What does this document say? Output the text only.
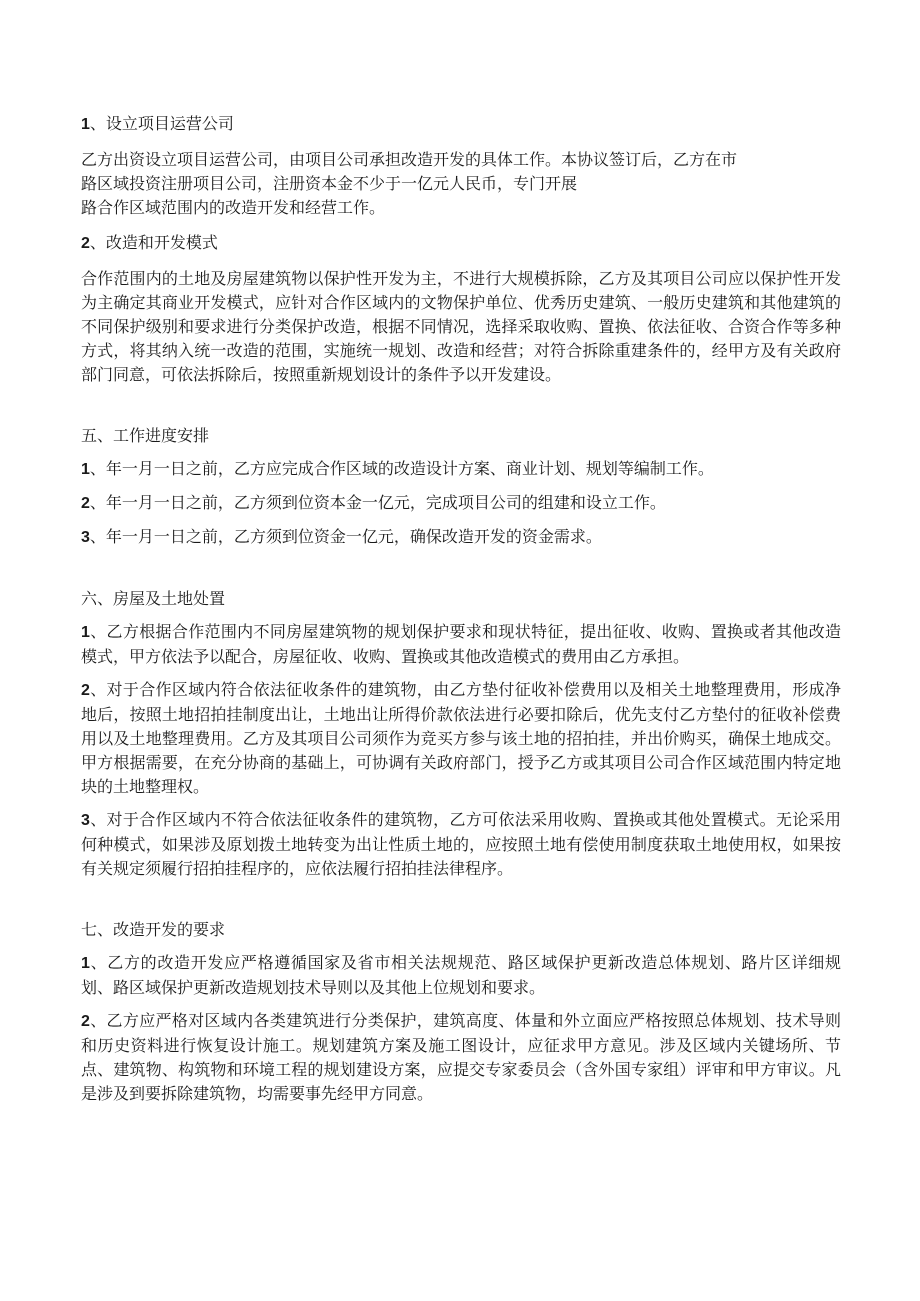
1、设立项目运营公司

乙方出资设立项目运营公司，由项目公司承担改造开发的具体工作。本协议签订后，乙方在市

路区域投资注册项目公司，注册资本金不少于一亿元人民币，专门开展

路合作区域范围内的改造开发和经营工作。

2、改造和开发模式

合作范围内的土地及房屋建筑物以保护性开发为主，不进行大规模拆除，乙方及其项目公司应以保护性开发为主确定其商业开发模式，应针对合作区域内的文物保护单位、优秀历史建筑、一般历史建筑和其他建筑的不同保护级别和要求进行分类保护改造，根据不同情况，选择采取收购、置换、依法征收、合资合作等多种方式，将其纳入统一改造的范围，实施统一规划、改造和经营；对符合拆除重建条件的，经甲方及有关政府部门同意，可依法拆除后，按照重新规划设计的条件予以开发建设。

五、工作进度安排

1、年一月一日之前，乙方应完成合作区域的改造设计方案、商业计划、规划等编制工作。

2、年一月一日之前，乙方须到位资本金一亿元，完成项目公司的组建和设立工作。

3、年一月一日之前，乙方须到位资金一亿元，确保改造开发的资金需求。

六、房屋及土地处置

1、乙方根据合作范围内不同房屋建筑物的规划保护要求和现状特征，提出征收、收购、置换或者其他改造模式，甲方依法予以配合，房屋征收、收购、置换或其他改造模式的费用由乙方承担。

2、对于合作区域内符合依法征收条件的建筑物，由乙方垫付征收补偿费用以及相关土地整理费用，形成净地后，按照土地招拍挂制度出让，土地出让所得价款依法进行必要扣除后，优先支付乙方垫付的征收补偿费用以及土地整理费用。乙方及其项目公司须作为竞买方参与该土地的招拍挂，并出价购买，确保土地成交。甲方根据需要，在充分协商的基础上，可协调有关政府部门，授予乙方或其项目公司合作区域范围内特定地块的土地整理权。

3、对于合作区域内不符合依法征收条件的建筑物，乙方可依法采用收购、置换或其他处置模式。无论采用何种模式，如果涉及原划拨土地转变为出让性质土地的，应按照土地有偿使用制度获取土地使用权，如果按有关规定须履行招拍挂程序的，应依法履行招拍挂法律程序。

七、改造开发的要求

1、乙方的改造开发应严格遵循国家及省市相关法规规范、路区域保护更新改造总体规划、路片区详细规划、路区域保护更新改造规划技术导则以及其他上位规划和要求。

2、乙方应严格对区域内各类建筑进行分类保护，建筑高度、体量和外立面应严格按照总体规划、技术导则和历史资料进行恢复设计施工。规划建筑方案及施工图设计，应征求甲方意见。涉及区域内关键场所、节点、建筑物、构筑物和环境工程的规划建设方案，应提交专家委员会（含外国专家组）评审和甲方审议。凡是涉及到要拆除建筑物，均需要事先经甲方同意。
